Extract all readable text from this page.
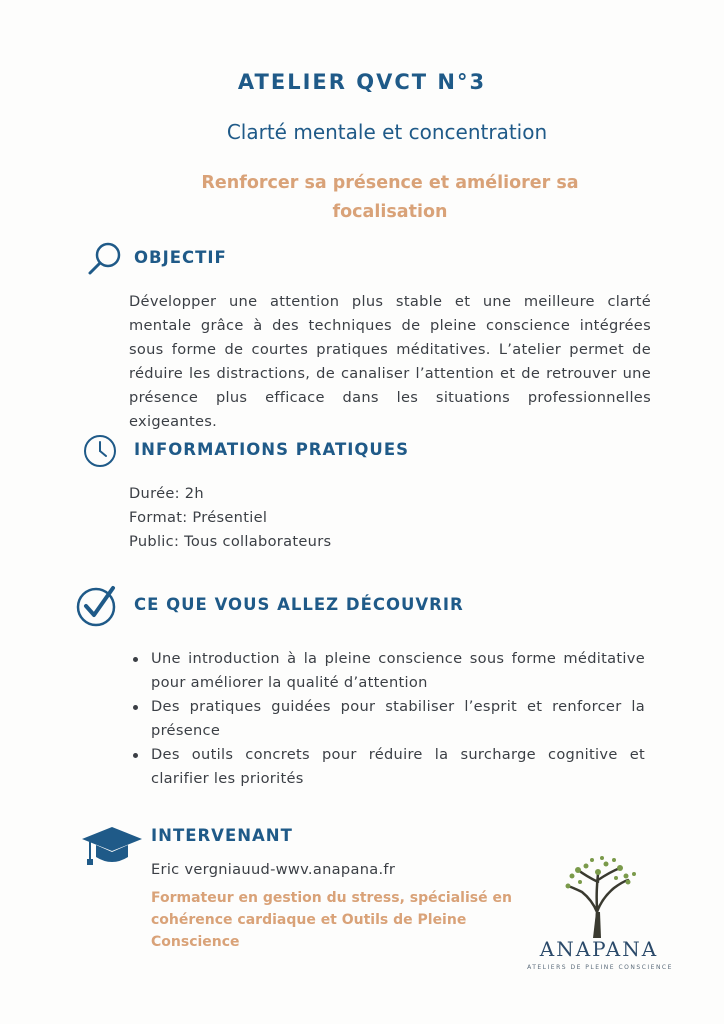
ATELIER QVCT N°3
Clarté mentale et concentration
Renforcer sa présence et améliorer sa focalisation
OBJECTIF
Développer une attention plus stable et une meilleure clarté mentale grâce à des techniques de pleine conscience intégrées sous forme de courtes pratiques méditatives. L’atelier permet de réduire les distractions, de canaliser l’attention et de retrouver une présence plus efficace dans les situations professionnelles exigeantes.
INFORMATIONS PRATIQUES
Durée: 2h
Format: Présentiel
Public: Tous collaborateurs
CE QUE VOUS ALLEZ DÉCOUVRIR
Une introduction à la pleine conscience sous forme méditative pour améliorer la qualité d’attention
Des pratiques guidées pour stabiliser l’esprit et renforcer la présence
Des outils concrets pour réduire la surcharge cognitive et clarifier les priorités
INTERVENANT
Eric vergniauud-wwv.anapana.fr
Formateur en gestion du stress, spécialisé en cohérence cardiaque et Outils de Pleine Conscience	ANAPANA
ATELIERS DE PLEINE CONSCIENCE
